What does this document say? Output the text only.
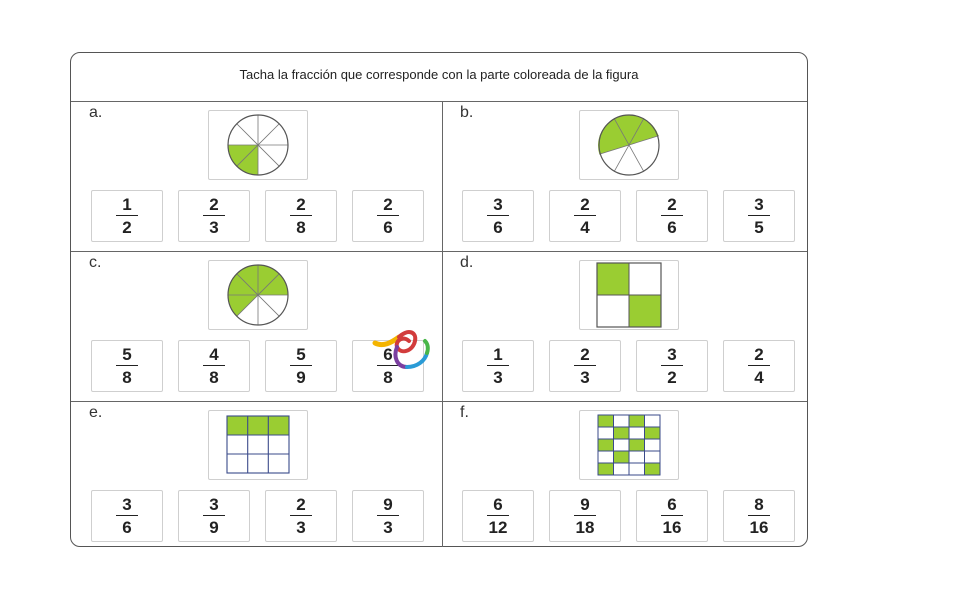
Tacha la fracción que corresponde con la parte coloreada de la figura
a.
$\frac{1}{2}$	$\frac{2}{3}$	$\frac{2}{8}$	$\frac{2}{6}$
b.
$\frac{3}{6}$	$\frac{2}{4}$	$\frac{2}{6}$	$\frac{3}{5}$
c.
$\frac{5}{8}$	$\frac{4}{8}$	$\frac{5}{9}$	$\frac{6}{8}$
d.
$\frac{1}{3}$	$\frac{2}{3}$	$\frac{3}{2}$	$\frac{2}{4}$
e.
$\frac{3}{6}$	$\frac{3}{9}$	$\frac{2}{3}$	$\frac{9}{3}$
f.
$\frac{6}{12}$	$\frac{9}{18}$	$\frac{6}{16}$	$\frac{8}{16}$
